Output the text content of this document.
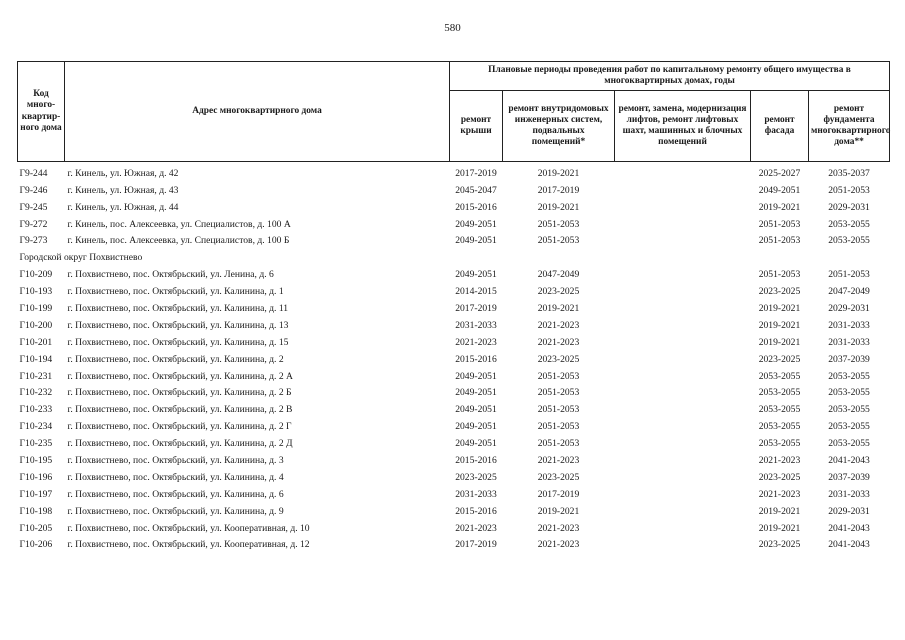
580
Код много-квартир-ного дома	Адрес многоквартирного дома	Плановые периоды проведения работ по капитальному ремонту общего имущества в многоквартирных домах, годы				
		ремонт крыши	ремонт внутридомовых инженерных систем, подвальных помещений*	ремонт, замена, модернизация лифтов, ремонт лифтовых шахт, машинных и блочных помещений	ремонт фасада	ремонт фундамента многоквартирного дома**
Г9-244	г. Кинель, ул. Южная, д. 42	2017-2019	2019-2021		2025-2027	2035-2037
Г9-246	г. Кинель, ул. Южная, д. 43	2045-2047	2017-2019		2049-2051	2051-2053
Г9-245	г. Кинель, ул. Южная, д. 44	2015-2016	2019-2021		2019-2021	2029-2031
Г9-272	г. Кинель, пос. Алексеевка, ул. Специалистов, д. 100 А	2049-2051	2051-2053		2051-2053	2053-2055
Г9-273	г. Кинель, пос. Алексеевка, ул. Специалистов, д. 100 Б	2049-2051	2051-2053		2051-2053	2053-2055
Городской округ Похвистнево						
Г10-209	г. Похвистнево, пос. Октябрьский, ул. Ленина, д. 6	2049-2051	2047-2049		2051-2053	2051-2053
Г10-193	г. Похвистнево, пос. Октябрьский, ул. Калинина, д. 1	2014-2015	2023-2025		2023-2025	2047-2049
Г10-199	г. Похвистнево, пос. Октябрьский, ул. Калинина, д. 11	2017-2019	2019-2021		2019-2021	2029-2031
Г10-200	г. Похвистнево, пос. Октябрьский, ул. Калинина, д. 13	2031-2033	2021-2023		2019-2021	2031-2033
Г10-201	г. Похвистнево, пос. Октябрьский, ул. Калинина, д. 15	2021-2023	2021-2023		2019-2021	2031-2033
Г10-194	г. Похвистнево, пос. Октябрьский, ул. Калинина, д. 2	2015-2016	2023-2025		2023-2025	2037-2039
Г10-231	г. Похвистнево, пос. Октябрьский, ул. Калинина, д. 2 А	2049-2051	2051-2053		2053-2055	2053-2055
Г10-232	г. Похвистнево, пос. Октябрьский, ул. Калинина, д. 2 Б	2049-2051	2051-2053		2053-2055	2053-2055
Г10-233	г. Похвистнево, пос. Октябрьский, ул. Калинина, д. 2 В	2049-2051	2051-2053		2053-2055	2053-2055
Г10-234	г. Похвистнево, пос. Октябрьский, ул. Калинина, д. 2 Г	2049-2051	2051-2053		2053-2055	2053-2055
Г10-235	г. Похвистнево, пос. Октябрьский, ул. Калинина, д. 2 Д	2049-2051	2051-2053		2053-2055	2053-2055
Г10-195	г. Похвистнево, пос. Октябрьский, ул. Калинина, д. 3	2015-2016	2021-2023		2021-2023	2041-2043
Г10-196	г. Похвистнево, пос. Октябрьский, ул. Калинина, д. 4	2023-2025	2023-2025		2023-2025	2037-2039
Г10-197	г. Похвистнево, пос. Октябрьский, ул. Калинина, д. 6	2031-2033	2017-2019		2021-2023	2031-2033
Г10-198	г. Похвистнево, пос. Октябрьский, ул. Калинина, д. 9	2015-2016	2019-2021		2019-2021	2029-2031
Г10-205	г. Похвистнево, пос. Октябрьский, ул. Кооперативная, д. 10	2021-2023	2021-2023		2019-2021	2041-2043
Г10-206	г. Похвистнево, пос. Октябрьский, ул. Кооперативная, д. 12	2017-2019	2021-2023		2023-2025	2041-2043
